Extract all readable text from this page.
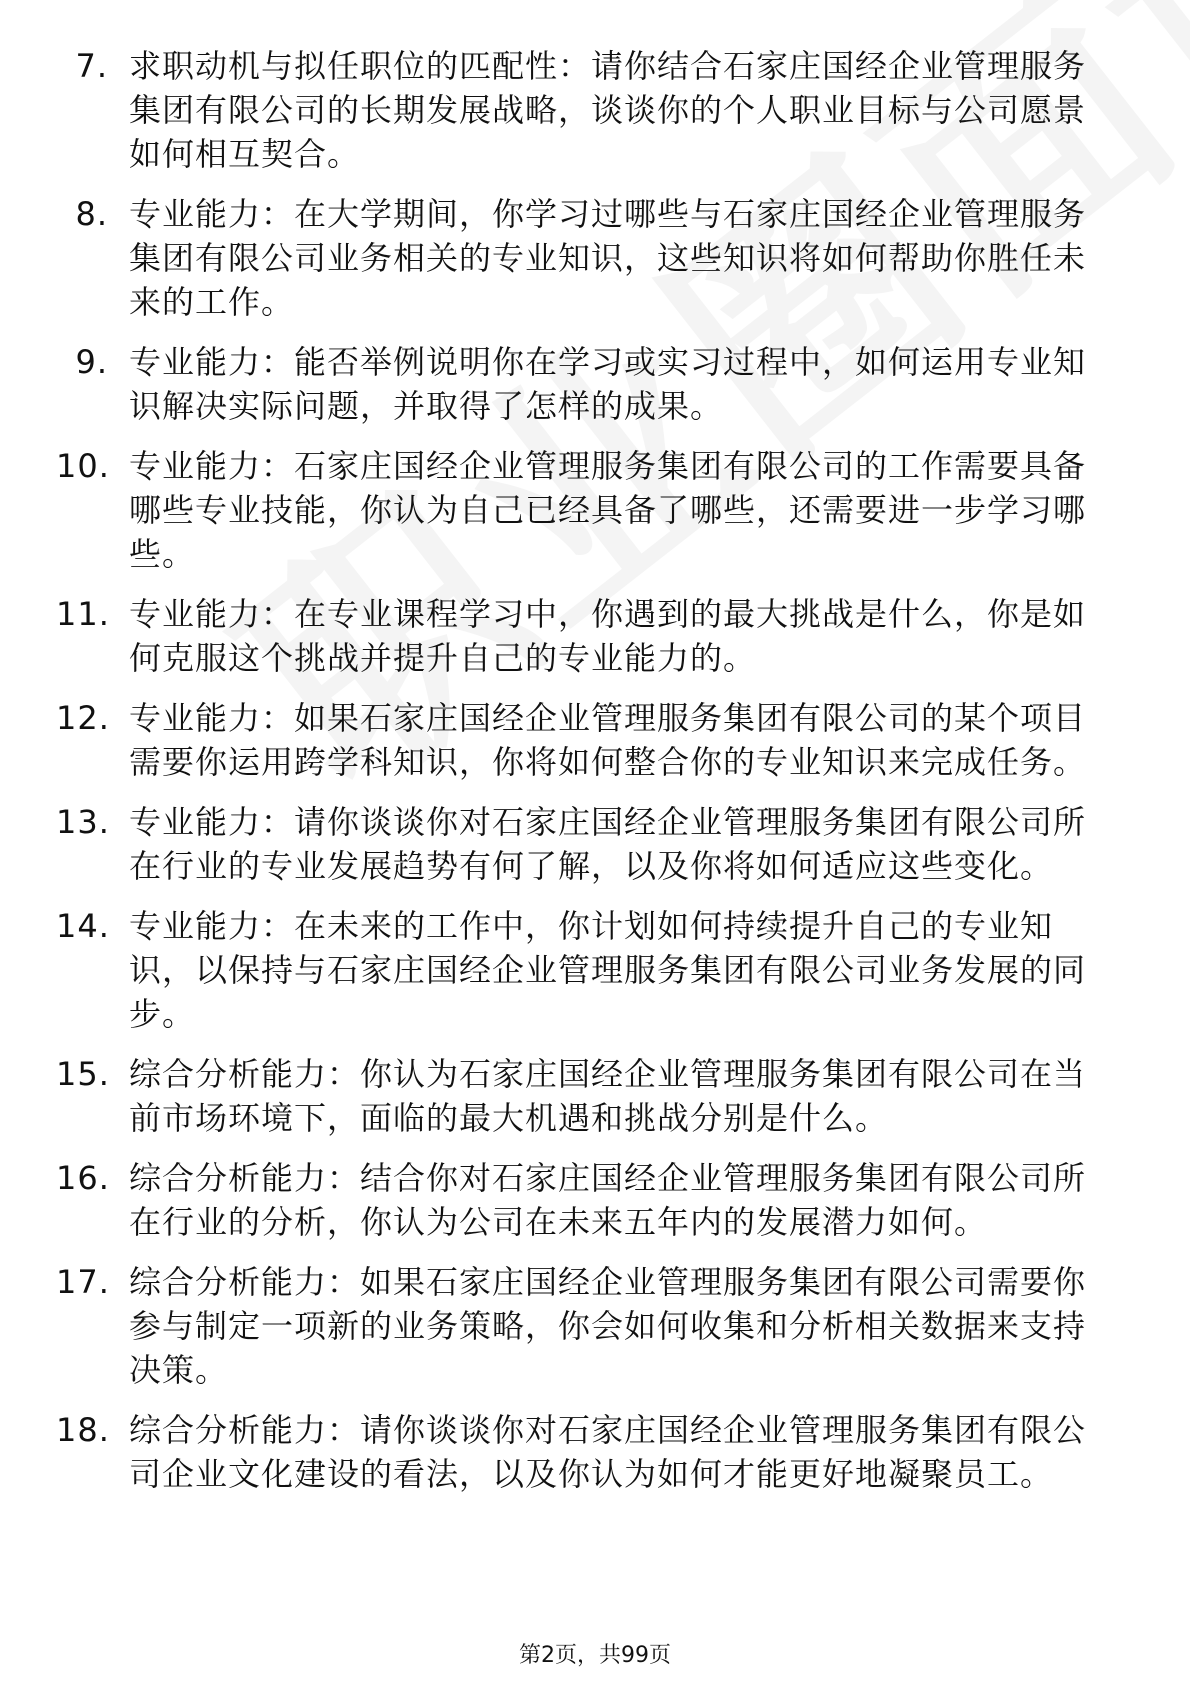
7. 求职动机与拟任职位的匹配性：请你结合石家庄国经企业管理服务集团有限公司的长期发展战略，谈谈你的个人职业目标与公司愿景如何相互契合。
8. 专业能力：在大学期间，你学习过哪些与石家庄国经企业管理服务集团有限公司业务相关的专业知识，这些知识将如何帮助你胜任未来的工作。
9. 专业能力：能否举例说明你在学习或实习过程中，如何运用专业知识解决实际问题，并取得了怎样的成果。
10. 专业能力：石家庄国经企业管理服务集团有限公司的工作需要具备哪些专业技能，你认为自己已经具备了哪些，还需要进一步学习哪些。
11. 专业能力：在专业课程学习中，你遇到的最大挑战是什么，你是如何克服这个挑战并提升自己的专业能力的。
12. 专业能力：如果石家庄国经企业管理服务集团有限公司的某个项目需要你运用跨学科知识，你将如何整合你的专业知识来完成任务。
13. 专业能力：请你谈谈你对石家庄国经企业管理服务集团有限公司所在行业的专业发展趋势有何了解，以及你将如何适应这些变化。
14. 专业能力：在未来的工作中，你计划如何持续提升自己的专业知识，以保持与石家庄国经企业管理服务集团有限公司业务发展的同步。
15. 综合分析能力：你认为石家庄国经企业管理服务集团有限公司在当前市场环境下，面临的最大机遇和挑战分别是什么。
16. 综合分析能力：结合你对石家庄国经企业管理服务集团有限公司所在行业的分析，你认为公司在未来五年内的发展潜力如何。
17. 综合分析能力：如果石家庄国经企业管理服务集团有限公司需要你参与制定一项新的业务策略，你会如何收集和分析相关数据来支持决策。
18. 综合分析能力：请你谈谈你对石家庄国经企业管理服务集团有限公司企业文化建设的看法，以及你认为如何才能更好地凝聚员工。
第2页，共99页
